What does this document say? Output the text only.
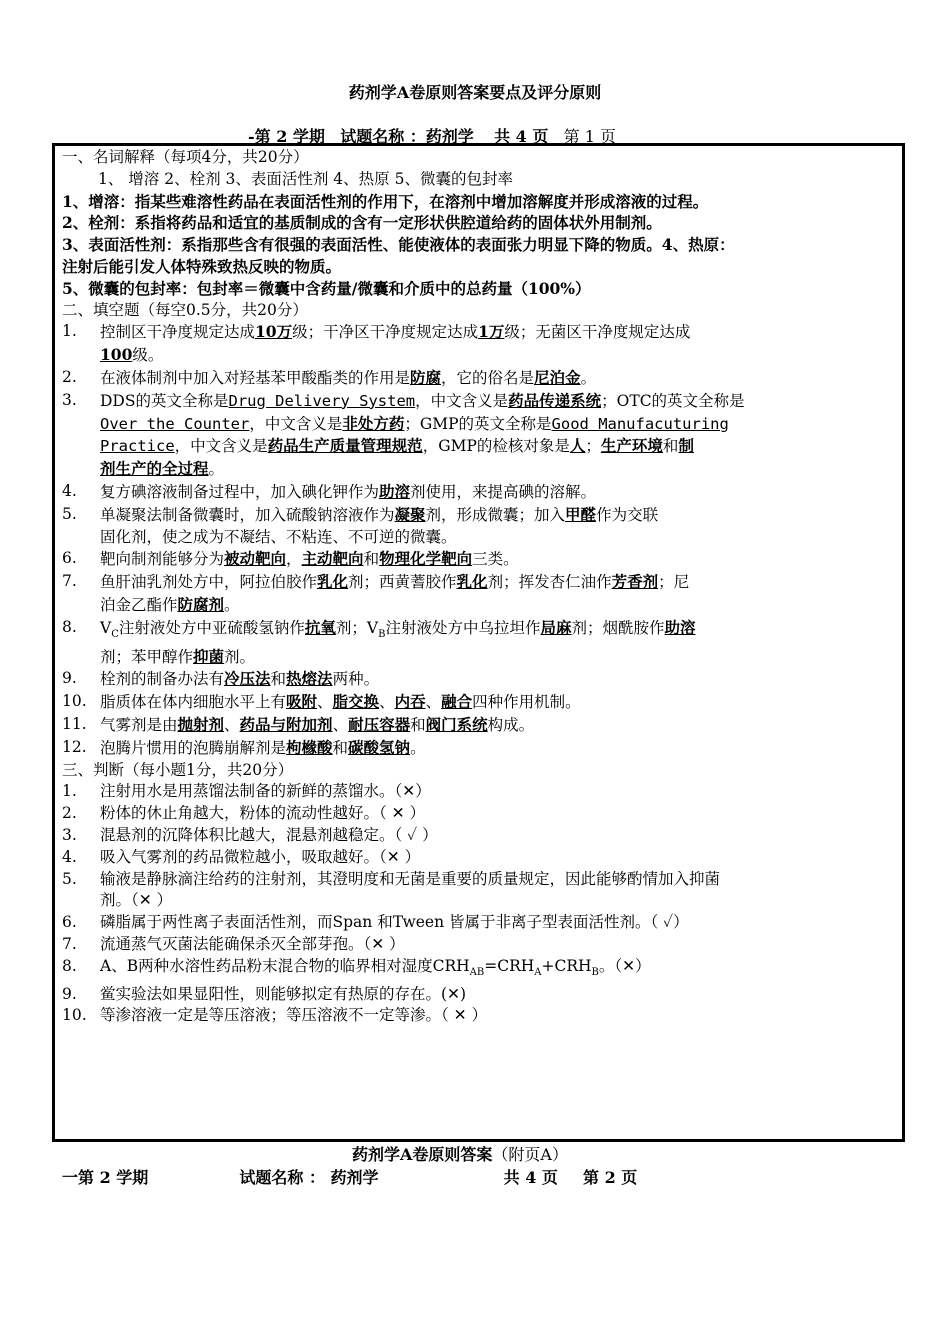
药剂学A卷原则答案要点及评分原则
-第 2 学期 试题名称 ：药剂学 共 4 页 第 1 页
一、名词解释（每项4分，共20分）
1、 增溶 2、栓剂 3、表面活性剂 4、热原 5、微囊的包封率
1、增溶：指某些难溶性药品在表面活性剂的作用下，在溶剂中增加溶解度并形成溶液的过程。
2、栓剂：系指将药品和适宜的基质制成的含有一定形状供腔道给药的固体状外用制剂。
3、表面活性剂：系指那些含有很强的表面活性、能使液体的表面张力明显下降的物质。4、热原：
注射后能引发人体特殊致热反映的物质。
5、微囊的包封率：包封率＝微囊中含药量/微囊和介质中的总药量（100%）
二、填空题（每空0.5分，共20分）
1.	控制区干净度规定达成10万级；干净区干净度规定达成1万级；无菌区干净度规定达成
100级。
2.	在液体制剂中加入对羟基苯甲酸酯类的作用是防腐，它的俗名是尼泊金。
3.	DDS的英文全称是Drug Delivery System，中文含义是药品传递系统；OTC的英文全称是
Over the Counter，中文含义是非处方药；GMP的英文全称是Good Manufacuturing
Practice，中文含义是药品生产质量管理规范，GMP的检核对象是人；生产环境和制
剂生产的全过程。
4.	复方碘溶液制备过程中，加入碘化钾作为助溶剂使用，来提高碘的溶解。
5.	单凝聚法制备微囊时，加入硫酸钠溶液作为凝聚剂，形成微囊；加入甲醛作为交联
固化剂，使之成为不凝结、不粘连、不可逆的微囊。
6.	靶向制剂能够分为被动靶向，主动靶向和物理化学靶向三类。
7.	鱼肝油乳剂处方中，阿拉伯胶作乳化剂；西黄蓍胶作乳化剂；挥发杏仁油作芳香剂；尼
泊金乙酯作防腐剂。
8.	$V_C$注射液处方中亚硫酸氢钠作抗氧剂；$V_B$注射液处方中乌拉坦作局麻剂；烟酰胺作助溶
剂；苯甲醇作抑菌剂。
9.	栓剂的制备办法有冷压法和热熔法两种。
10. 脂质体在体内细胞水平上有吸附、脂交换、内吞、融合四种作用机制。
11. 气雾剂是由抛射剂、药品与附加剂、耐压容器和阀门系统构成。
12. 泡腾片惯用的泡腾崩解剂是枸橼酸和碳酸氢钠。
三、判断（每小题1分，共20分）
1.	注射用水是用蒸馏法制备的新鲜的蒸馏水。（✕）
2.	粉体的休止角越大，粉体的流动性越好。（ ✕ ）
3.	混悬剂的沉降体积比越大，混悬剂越稳定。（ ✓ ）
4.	吸入气雾剂的药品微粒越小，吸取越好。（✕ ）
5.	输液是静脉滴注给药的注射剂，其澄明度和无菌是重要的质量规定，因此能够酌情加入抑菌
剂。（✕ ）
6.	磷脂属于两性离子表面活性剂，而Span 和Tween 皆属于非离子型表面活性剂。（ ✓）
7.	流通蒸气灭菌法能确保杀灭全部芽孢。（✕ ）
8.	A、B两种水溶性药品粉末混合物的临界相对湿度$CRH_{AB}=CRH_A+CRH_B$。（✕）
9.	鲎实验法如果显阳性，则能够拟定有热原的存在。(✕)
10. 等渗溶液一定是等压溶液；等压溶液不一定等渗。（ ✕ ）
药剂学A卷原则答案（附页A）
一第 2 学期	试题名称 ： 药剂学	共 4 页 第 2 页
